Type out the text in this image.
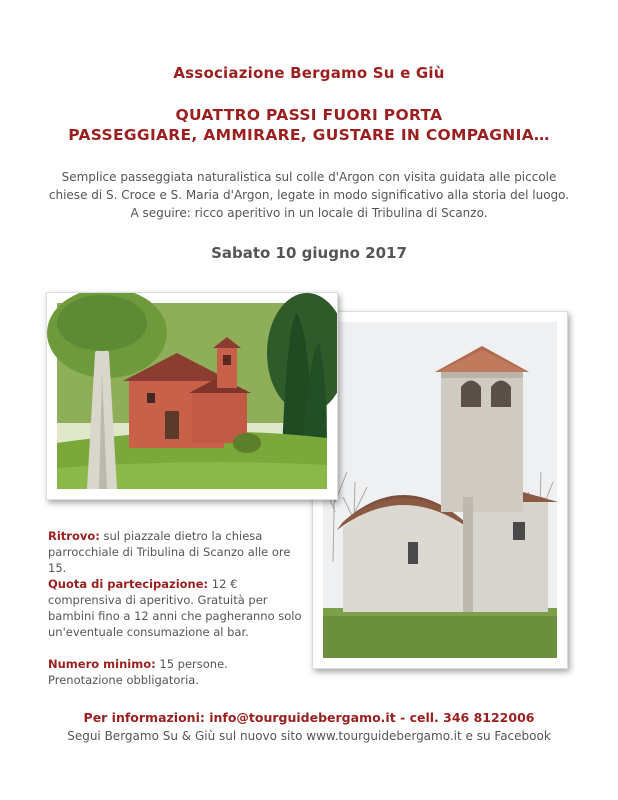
Associazione Bergamo Su e Giù
QUATTRO PASSI FUORI PORTA
PASSEGGIARE, AMMIRARE, GUSTARE IN COMPAGNIA…
Semplice passeggiata naturalistica sul colle d'Argon con visita guidata alle piccole
chiese di S. Croce e S. Maria d'Argon, legate in modo significativo alla storia del luogo.
A seguire: ricco aperitivo in un locale di Tribulina di Scanzo.
Sabato 10 giugno 2017
Ritrovo: sul piazzale dietro la chiesa parrocchiale di Tribulina di Scanzo alle ore 15.
Quota di partecipazione: 12 € comprensiva di aperitivo. Gratuità per bambini fino a 12 anni che pagheranno solo un'eventuale consumazione al bar.
Numero minimo: 15 persone.
Prenotazione obbligatoria.
Per informazioni: info@tourguidebergamo.it - cell. 346 8122006
Segui Bergamo Su & Giù sul nuovo sito www.tourguidebergamo.it e su Facebook
